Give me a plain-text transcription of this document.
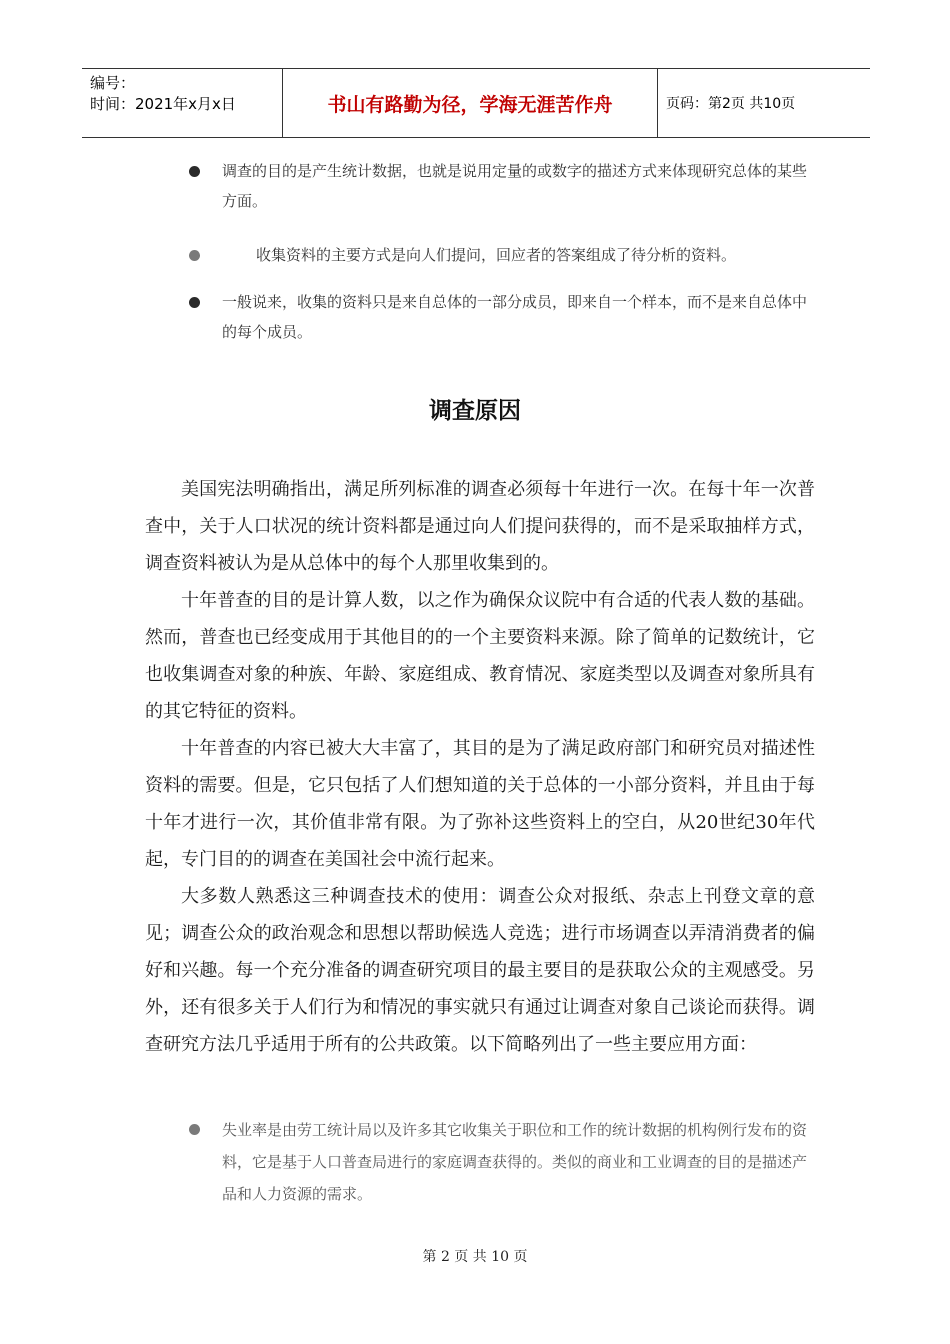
编号：
时间：2021年x月x日	书山有路勤为径，学海无涯苦作舟	页码：第2页 共10页
调查的目的是产生统计数据，也就是说用定量的或数字的描述方式来体现研究总体的某些方面。
收集资料的主要方式是向人们提问，回应者的答案组成了待分析的资料。
一般说来，收集的资料只是来自总体的一部分成员，即来自一个样本，而不是来自总体中的每个成员。
调查原因
美国宪法明确指出，满足所列标准的调查必须每十年进行一次。在每十年一次普查中，关于人口状况的统计资料都是通过向人们提问获得的，而不是采取抽样方式，调查资料被认为是从总体中的每个人那里收集到的。
十年普查的目的是计算人数，以之作为确保众议院中有合适的代表人数的基础。然而，普查也已经变成用于其他目的的一个主要资料来源。除了简单的记数统计，它也收集调查对象的种族、年龄、家庭组成、教育情况、家庭类型以及调查对象所具有的其它特征的资料。
十年普查的内容已被大大丰富了，其目的是为了满足政府部门和研究员对描述性资料的需要。但是，它只包括了人们想知道的关于总体的一小部分资料，并且由于每十年才进行一次，其价值非常有限。为了弥补这些资料上的空白，从20世纪30年代起，专门目的的调查在美国社会中流行起来。
大多数人熟悉这三种调查技术的使用：调查公众对报纸、杂志上刊登文章的意见；调查公众的政治观念和思想以帮助候选人竞选；进行市场调查以弄清消费者的偏好和兴趣。每一个充分准备的调查研究项目的最主要目的是获取公众的主观感受。另外，还有很多关于人们行为和情况的事实就只有通过让调查对象自己谈论而获得。调查研究方法几乎适用于所有的公共政策。以下简略列出了一些主要应用方面：
失业率是由劳工统计局以及许多其它收集关于职位和工作的统计数据的机构例行发布的资料，它是基于人口普查局进行的家庭调查获得的。类似的商业和工业调查的目的是描述产品和人力资源的需求。
第 2 页 共 10 页
